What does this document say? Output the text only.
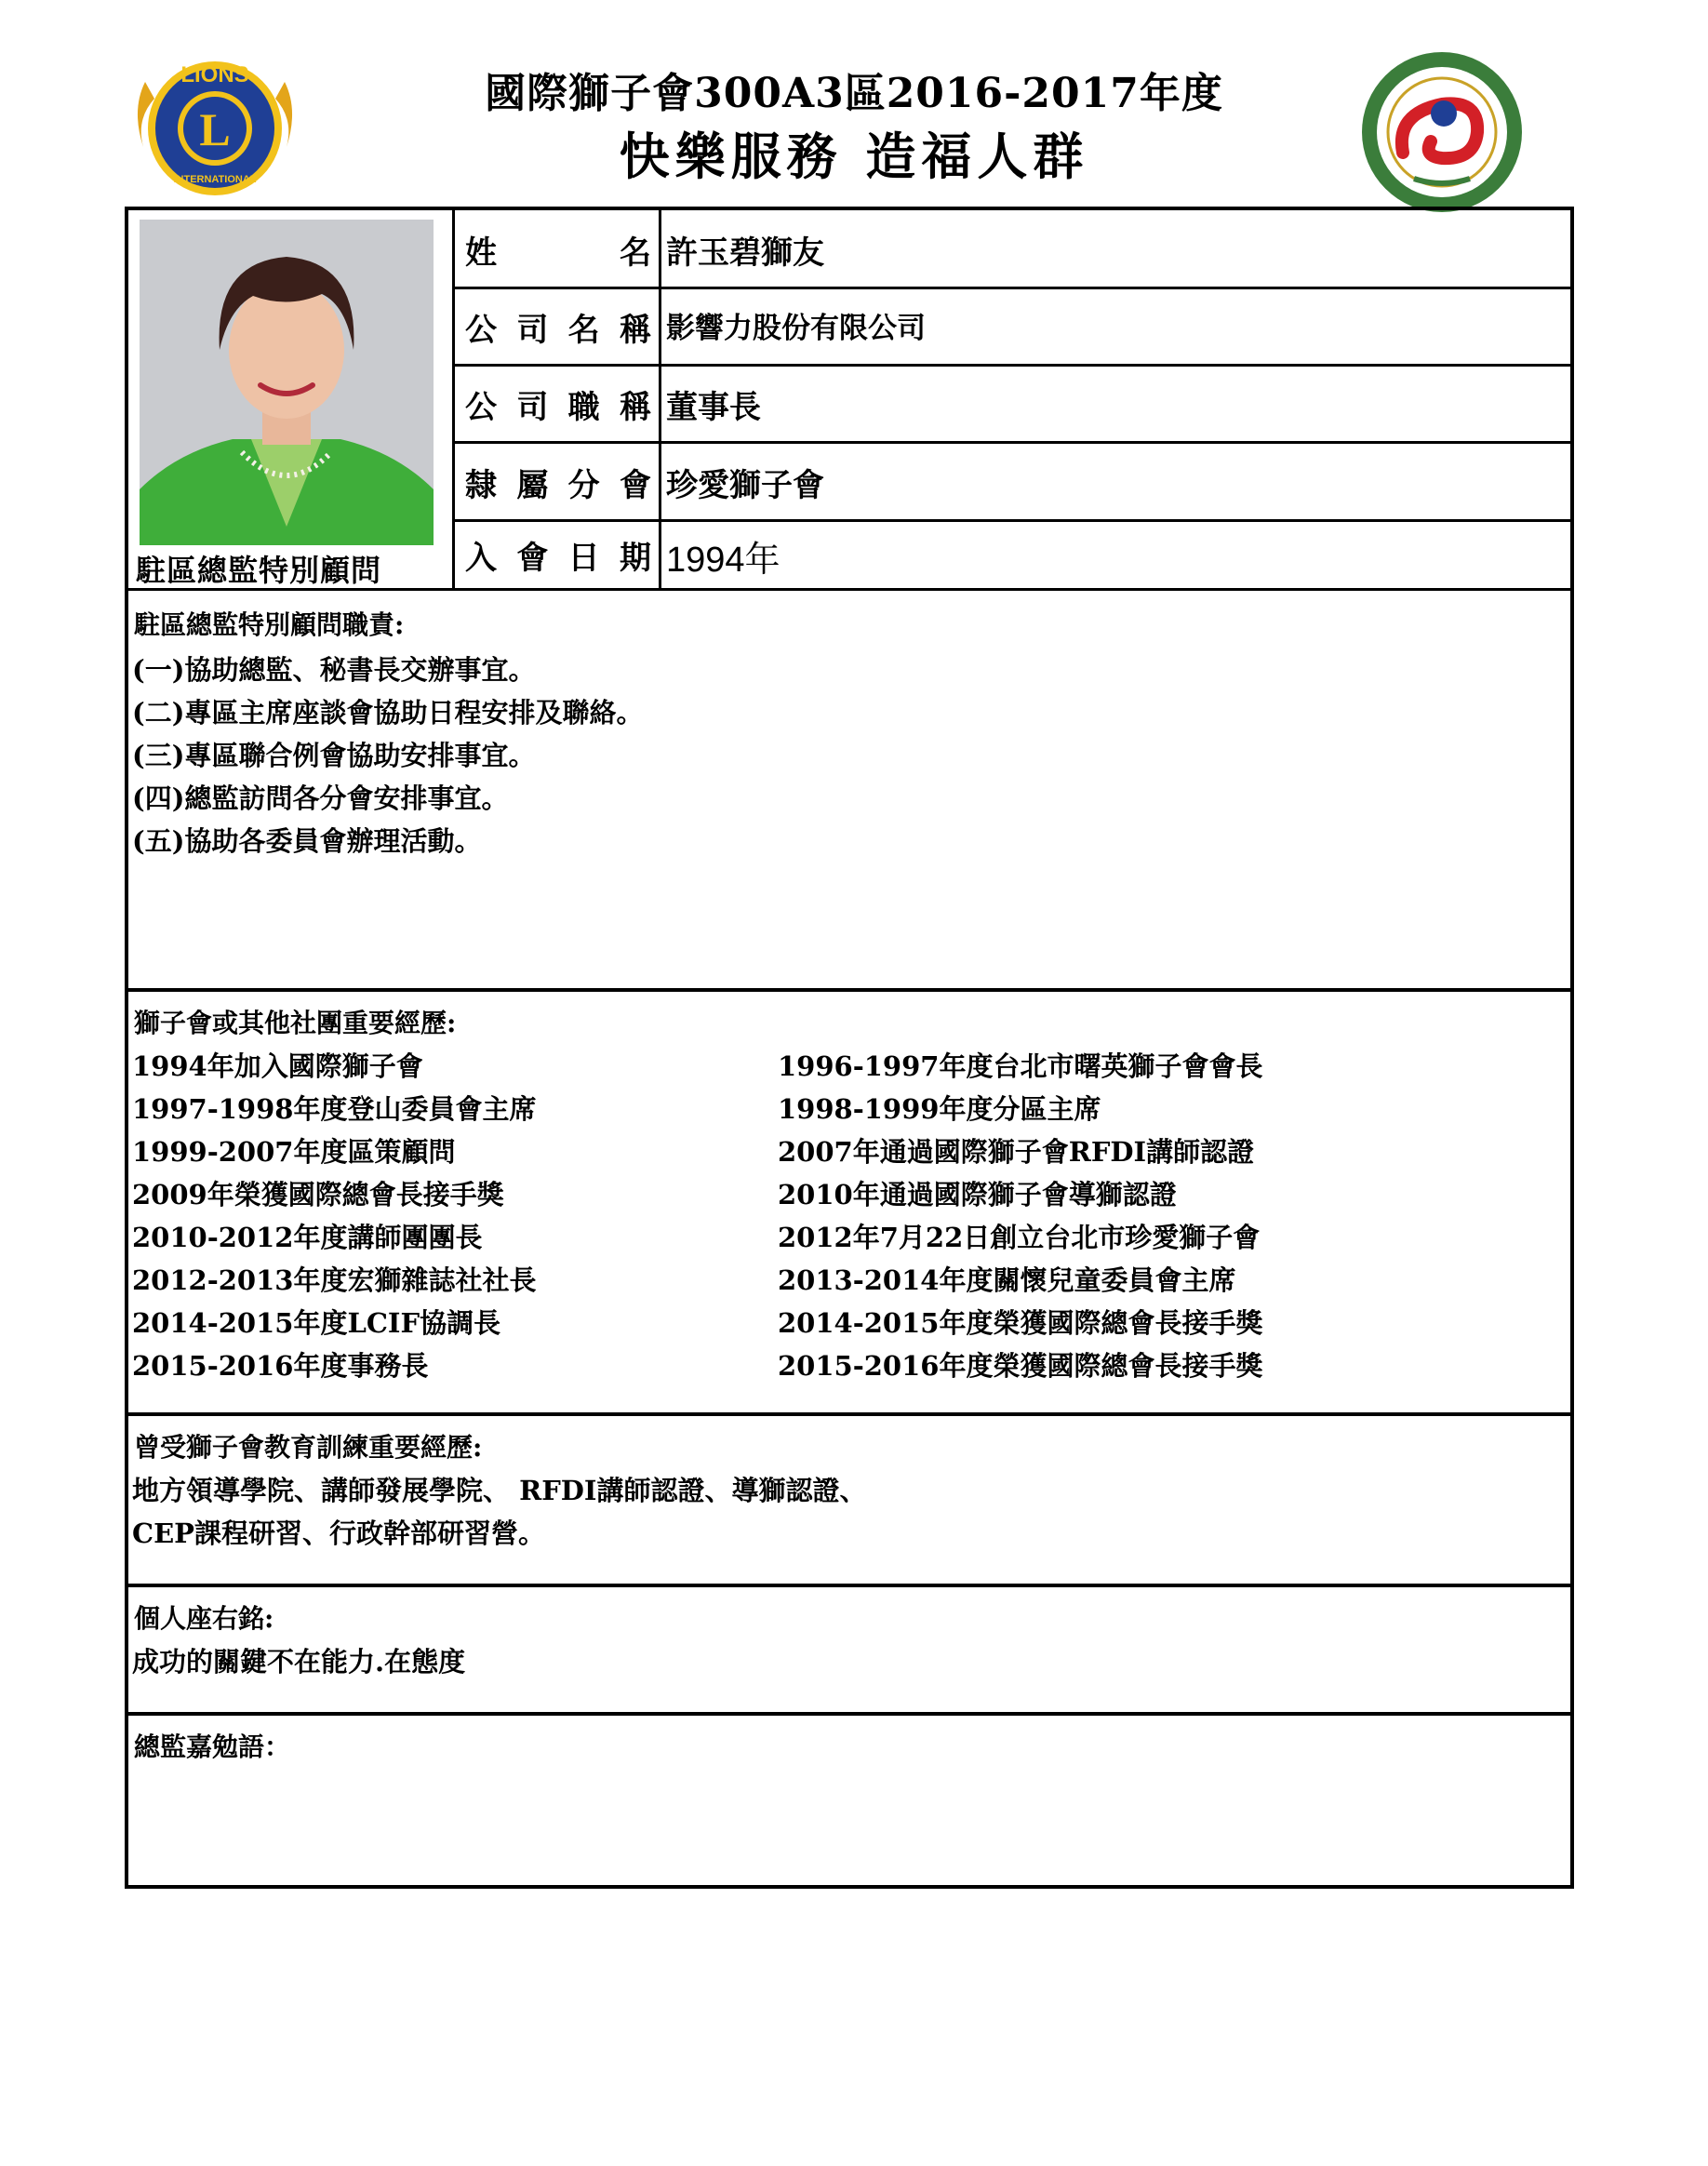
L
LIONS
INTERNATIONAL
國際獅子會300A3區2016-2017年度
快樂服務 造福人群
駐區總監特別顧問
姓	名
公 司 名 稱
公 司 職 稱
隸 屬 分 會
入 會 日 期
許玉碧獅友
影響力股份有限公司
董事長
珍愛獅子會
1994年
駐區總監特別顧問職責:
(一)協助總監、秘書長交辦事宜。
(二)專區主席座談會協助日程安排及聯絡。
(三)專區聯合例會協助安排事宜。
(四)總監訪問各分會安排事宜。
(五)協助各委員會辦理活動。
獅子會或其他社團重要經歷:
1994年加入國際獅子會
1997-1998年度登山委員會主席
1999-2007年度區策顧問
2009年榮獲國際總會長接手獎
2010-2012年度講師團團長
2012-2013年度宏獅雜誌社社長
2014-2015年度LCIF協調長
2015-2016年度事務長
1996-1997年度台北市曙英獅子會會長
1998-1999年度分區主席
2007年通過國際獅子會RFDI講師認證
2010年通過國際獅子會導獅認證
2012年7月22日創立台北市珍愛獅子會
2013-2014年度關懷兒童委員會主席
2014-2015年度榮獲國際總會長接手獎
2015-2016年度榮獲國際總會長接手獎
曾受獅子會教育訓練重要經歷:
地方領導學院、講師發展學院、 RFDI講師認證、導獅認證、
CEP課程研習、行政幹部研習營。
個人座右銘:
成功的關鍵不在能力.在態度
總監嘉勉語：
